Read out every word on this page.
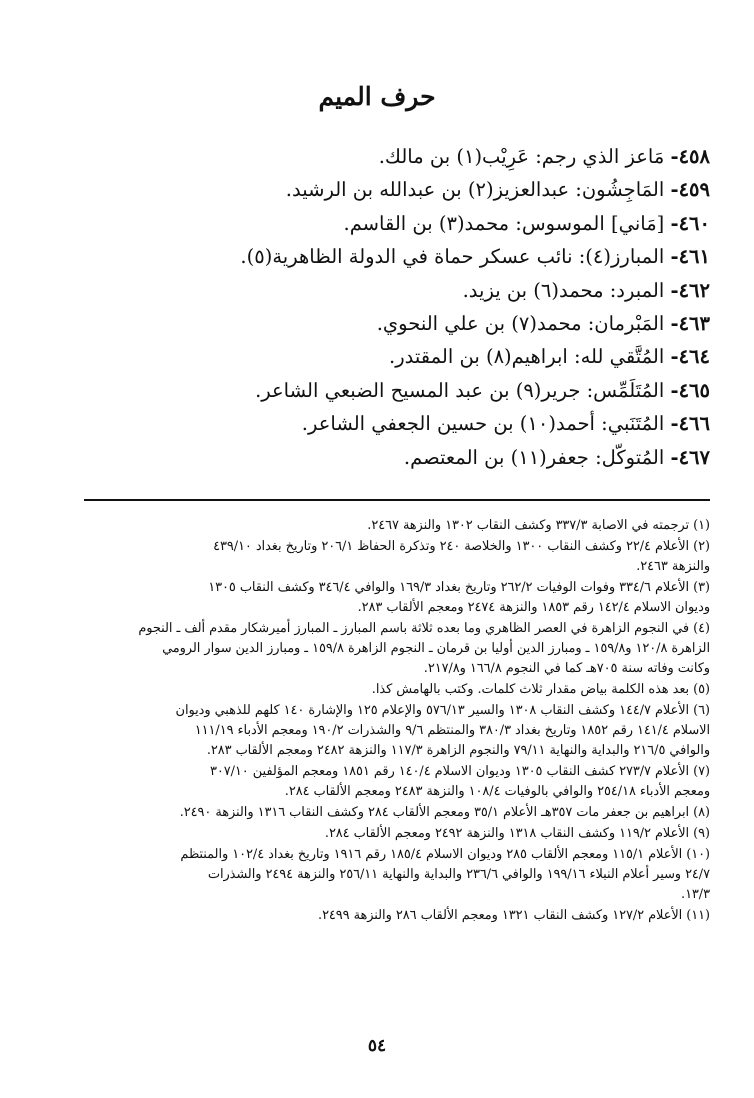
حرف الميم
٤٥٨- مَاعز الذي رجم: عَرِيْب(١) بن مالك.
٤٥٩- المَاجِشُون: عبدالعزيز(٢) بن عبدالله بن الرشيد.
٤٦٠- [مَاني] الموسوس: محمد(٣) بن القاسم.
٤٦١- المبارز(٤): نائب عسكر حماة في الدولة الظاهرية(٥).
٤٦٢- المبرد: محمد(٦) بن يزيد.
٤٦٣- المَبْرمان: محمد(٧) بن علي النحوي.
٤٦٤- المُتَّقي لله: ابراهيم(٨) بن المقتدر.
٤٦٥- المُتَلَمِّس: جرير(٩) بن عبد المسيح الضبعي الشاعر.
٤٦٦- المُتَنَبي: أحمد(١٠) بن حسين الجعفي الشاعر.
٤٦٧- المُتوكّل: جعفر(١١) بن المعتصم.
(١) ترجمته في الاصابة ٣٣٧/٣ وكشف النقاب ١٣٠٢ والنزهة ٢٤٦٧.
(٢) الأعلام ٢٢/٤ وكشف النقاب ١٣٠٠ والخلاصة ٢٤٠ وتذكرة الحفاظ ٢٠٦/١ وتاريخ بغداد ٤٣٩/١٠
والنزهة ٢٤٦٣.
(٣) الأعلام ٣٣٤/٦ وفوات الوفيات ٢٦٢/٢ وتاريخ بغداد ١٦٩/٣ والوافي ٣٤٦/٤ وكشف النقاب ١٣٠٥
وديوان الاسلام ١٤٢/٤ رقم ١٨٥٣ والنزهة ٢٤٧٤ ومعجم الألقاب ٢٨٣.
(٤) في النجوم الزاهرة في العصر الظاهري وما بعده ثلاثة باسم المبارز ـ المبارز أميرشكار مقدم ألف ـ النجوم
الزاهرة ١٢٠/٨ و١٥٩/٨ ـ ومبارز الدين أوليا بن قرمان ـ النجوم الزاهرة ١٥٩/٨ ـ ومبارز الدين سوار الرومي
وكانت وفاته سنة ٧٠٥هـ كما في النجوم ١٦٦/٨ و٢١٧/٨.
(٥) بعد هذه الكلمة بياض مقدار ثلاث كلمات. وكتب بالهامش كذا.
(٦) الأعلام ١٤٤/٧ وكشف النقاب ١٣٠٨ والسير ٥٧٦/١٣ والإعلام ١٢٥ والإشارة ١٤٠ كلهم للذهبي وديوان
الاسلام ١٤١/٤ رقم ١٨٥٢ وتاريخ بغداد ٣٨٠/٣ والمنتظم ٩/٦ والشذرات ١٩٠/٢ ومعجم الأدباء ١١١/١٩
والوافي ٢١٦/٥ والبداية والنهاية ٧٩/١١ والنجوم الزاهرة ١١٧/٣ والنزهة ٢٤٨٢ ومعجم الألقاب ٢٨٣.
(٧) الأعلام ٢٧٣/٧ كشف النقاب ١٣٠٥ وديوان الاسلام ١٤٠/٤ رقم ١٨٥١ ومعجم المؤلفين ٣٠٧/١٠
ومعجم الأدباء ٢٥٤/١٨ والوافي بالوفيات ١٠٨/٤ والنزهة ٢٤٨٣ ومعجم الألقاب ٢٨٤.
(٨) ابراهيم بن جعفر مات ٣٥٧هـ الأعلام ٣٥/١ ومعجم الألقاب ٢٨٤ وكشف النقاب ١٣١٦ والنزهة ٢٤٩٠.
(٩) الأعلام ١١٩/٢ وكشف النقاب ١٣١٨ والنزهة ٢٤٩٢ ومعجم الألقاب ٢٨٤.
(١٠) الأعلام ١١٥/١ ومعجم الألقاب ٢٨٥ وديوان الاسلام ١٨٥/٤ رقم ١٩١٦ وتاريخ بغداد ١٠٢/٤ والمنتظم
٢٤/٧ وسير أعلام النبلاء ١٩٩/١٦ والوافي ٢٣٦/٦ والبداية والنهاية ٢٥٦/١١ والنزهة ٢٤٩٤ والشذرات
١٣/٣.
(١١) الأعلام ١٢٧/٢ وكشف النقاب ١٣٢١ ومعجم الألقاب ٢٨٦ والنزهة ٢٤٩٩.
٥٤
